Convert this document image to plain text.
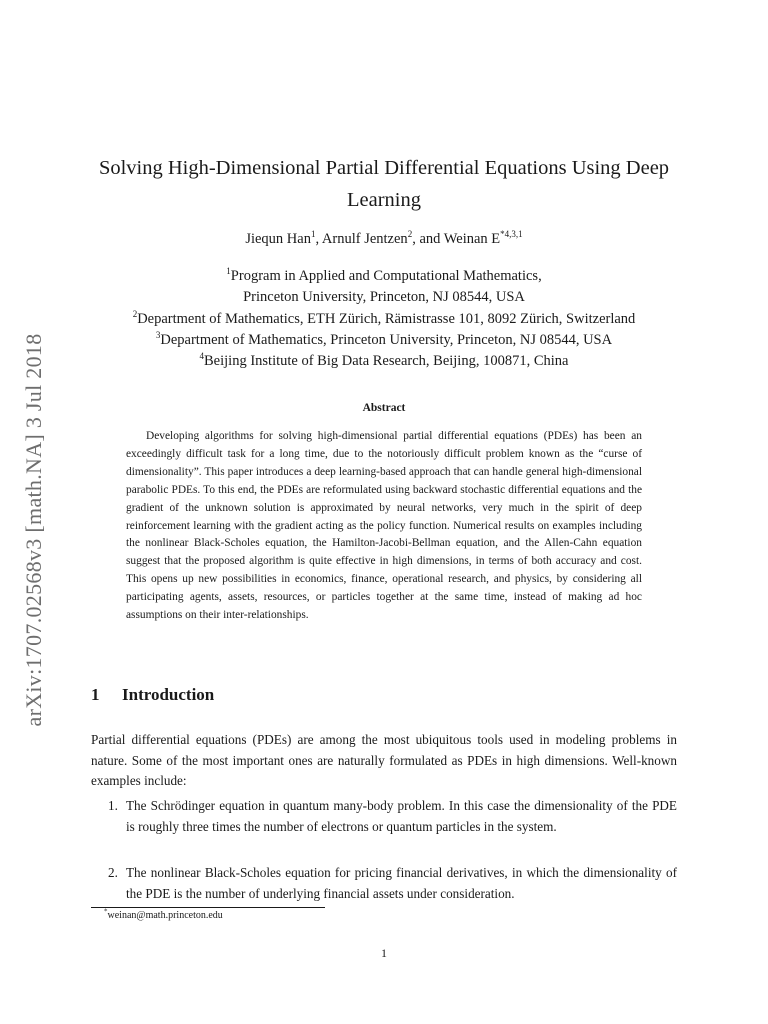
arXiv:1707.02568v3 [math.NA] 3 Jul 2018
Solving High-Dimensional Partial Differential Equations Using Deep Learning
Jiequn Han$^1$, Arnulf Jentzen$^2$, and Weinan E$^{*4,3,1}$
$^1$Program in Applied and Computational Mathematics,
Princeton University, Princeton, NJ 08544, USA
$^2$Department of Mathematics, ETH Zürich, Rämistrasse 101, 8092 Zürich, Switzerland
$^3$Department of Mathematics, Princeton University, Princeton, NJ 08544, USA
$^4$Beijing Institute of Big Data Research, Beijing, 100871, China
Abstract
Developing algorithms for solving high-dimensional partial differential equations (PDEs) has been an exceedingly difficult task for a long time, due to the notoriously difficult problem known as the “curse of dimensionality”. This paper introduces a deep learning-based approach that can handle general high-dimensional parabolic PDEs. To this end, the PDEs are reformulated using backward stochastic differential equations and the gradient of the unknown solution is approximated by neural networks, very much in the spirit of deep reinforcement learning with the gradient acting as the policy function. Numerical results on examples including the nonlinear Black-Scholes equation, the Hamilton-Jacobi-Bellman equation, and the Allen-Cahn equation suggest that the proposed algorithm is quite effective in high dimensions, in terms of both accuracy and cost. This opens up new possibilities in economics, finance, operational research, and physics, by considering all participating agents, assets, resources, or particles together at the same time, instead of making ad hoc assumptions on their inter-relationships.
1 Introduction
Partial differential equations (PDEs) are among the most ubiquitous tools used in modeling problems in nature. Some of the most important ones are naturally formulated as PDEs in high dimensions. Well-known examples include:
1. The Schrödinger equation in quantum many-body problem. In this case the dimensionality of the PDE is roughly three times the number of electrons or quantum particles in the system.
2. The nonlinear Black-Scholes equation for pricing financial derivatives, in which the dimensionality of the PDE is the number of underlying financial assets under consideration.
*weinan@math.princeton.edu
1
